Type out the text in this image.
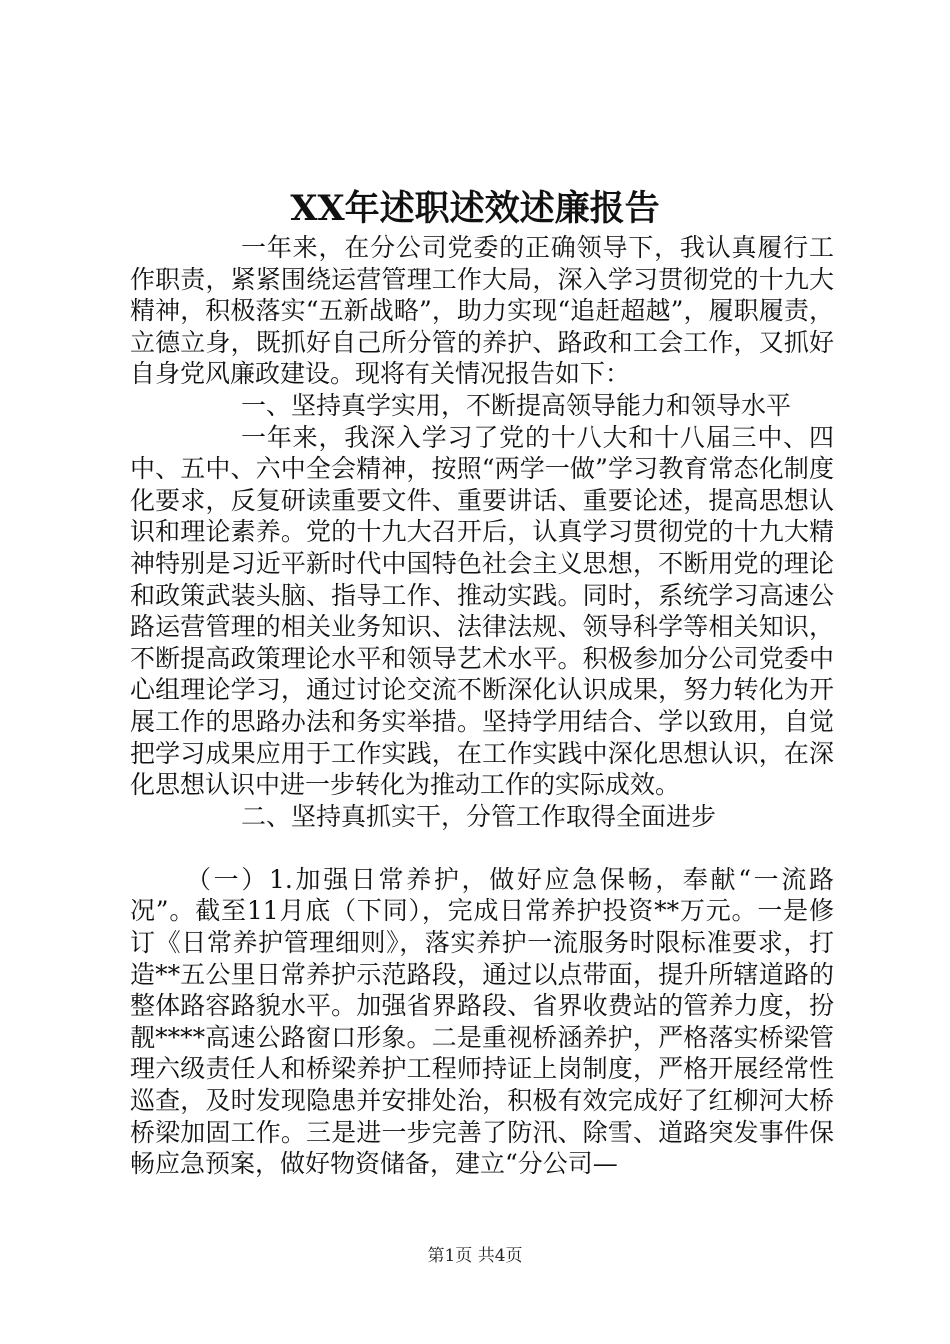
XX年述职述效述廉报告

一年来，在分公司党委的正确领导下，我认真履行工作职责，紧紧围绕运营管理工作大局，深入学习贯彻党的十九大精神，积极落实“五新战略”，助力实现“追赶超越”，履职履责，立德立身，既抓好自己所分管的养护、路政和工会工作，又抓好自身党风廉政建设。现将有关情况报告如下：

一、坚持真学实用，不断提高领导能力和领导水平

一年来，我深入学习了党的十八大和十八届三中、四中、五中、六中全会精神，按照“两学一做”学习教育常态化制度化要求，反复研读重要文件、重要讲话、重要论述，提高思想认识和理论素养。党的十九大召开后，认真学习贯彻党的十九大精神特别是习近平新时代中国特色社会主义思想，不断用党的理论和政策武装头脑、指导工作、推动实践。同时，系统学习高速公路运营管理的相关业务知识、法律法规、领导科学等相关知识，不断提高政策理论水平和领导艺术水平。积极参加分公司党委中心组理论学习，通过讨论交流不断深化认识成果，努力转化为开展工作的思路办法和务实举措。坚持学用结合、学以致用，自觉把学习成果应用于工作实践，在工作实践中深化思想认识，在深化思想认识中进一步转化为推动工作的实际成效。

二、坚持真抓实干，分管工作取得全面进步

（一）1.加强日常养护，做好应急保畅，奉献“一流路况”。截至11月底（下同），完成日常养护投资**万元。一是修订《日常养护管理细则》，落实养护一流服务时限标准要求，打造**五公里日常养护示范路段，通过以点带面，提升所辖道路的整体路容路貌水平。加强省界路段、省界收费站的管养力度，扮靓****高速公路窗口形象。二是重视桥涵养护，严格落实桥梁管理六级责任人和桥梁养护工程师持证上岗制度，严格开展经常性巡查，及时发现隐患并安排处治，积极有效完成好了红柳河大桥桥梁加固工作。三是进一步完善了防汛、除雪、道路突发事件保畅应急预案，做好物资储备，建立“分公司—

第1页 共4页
